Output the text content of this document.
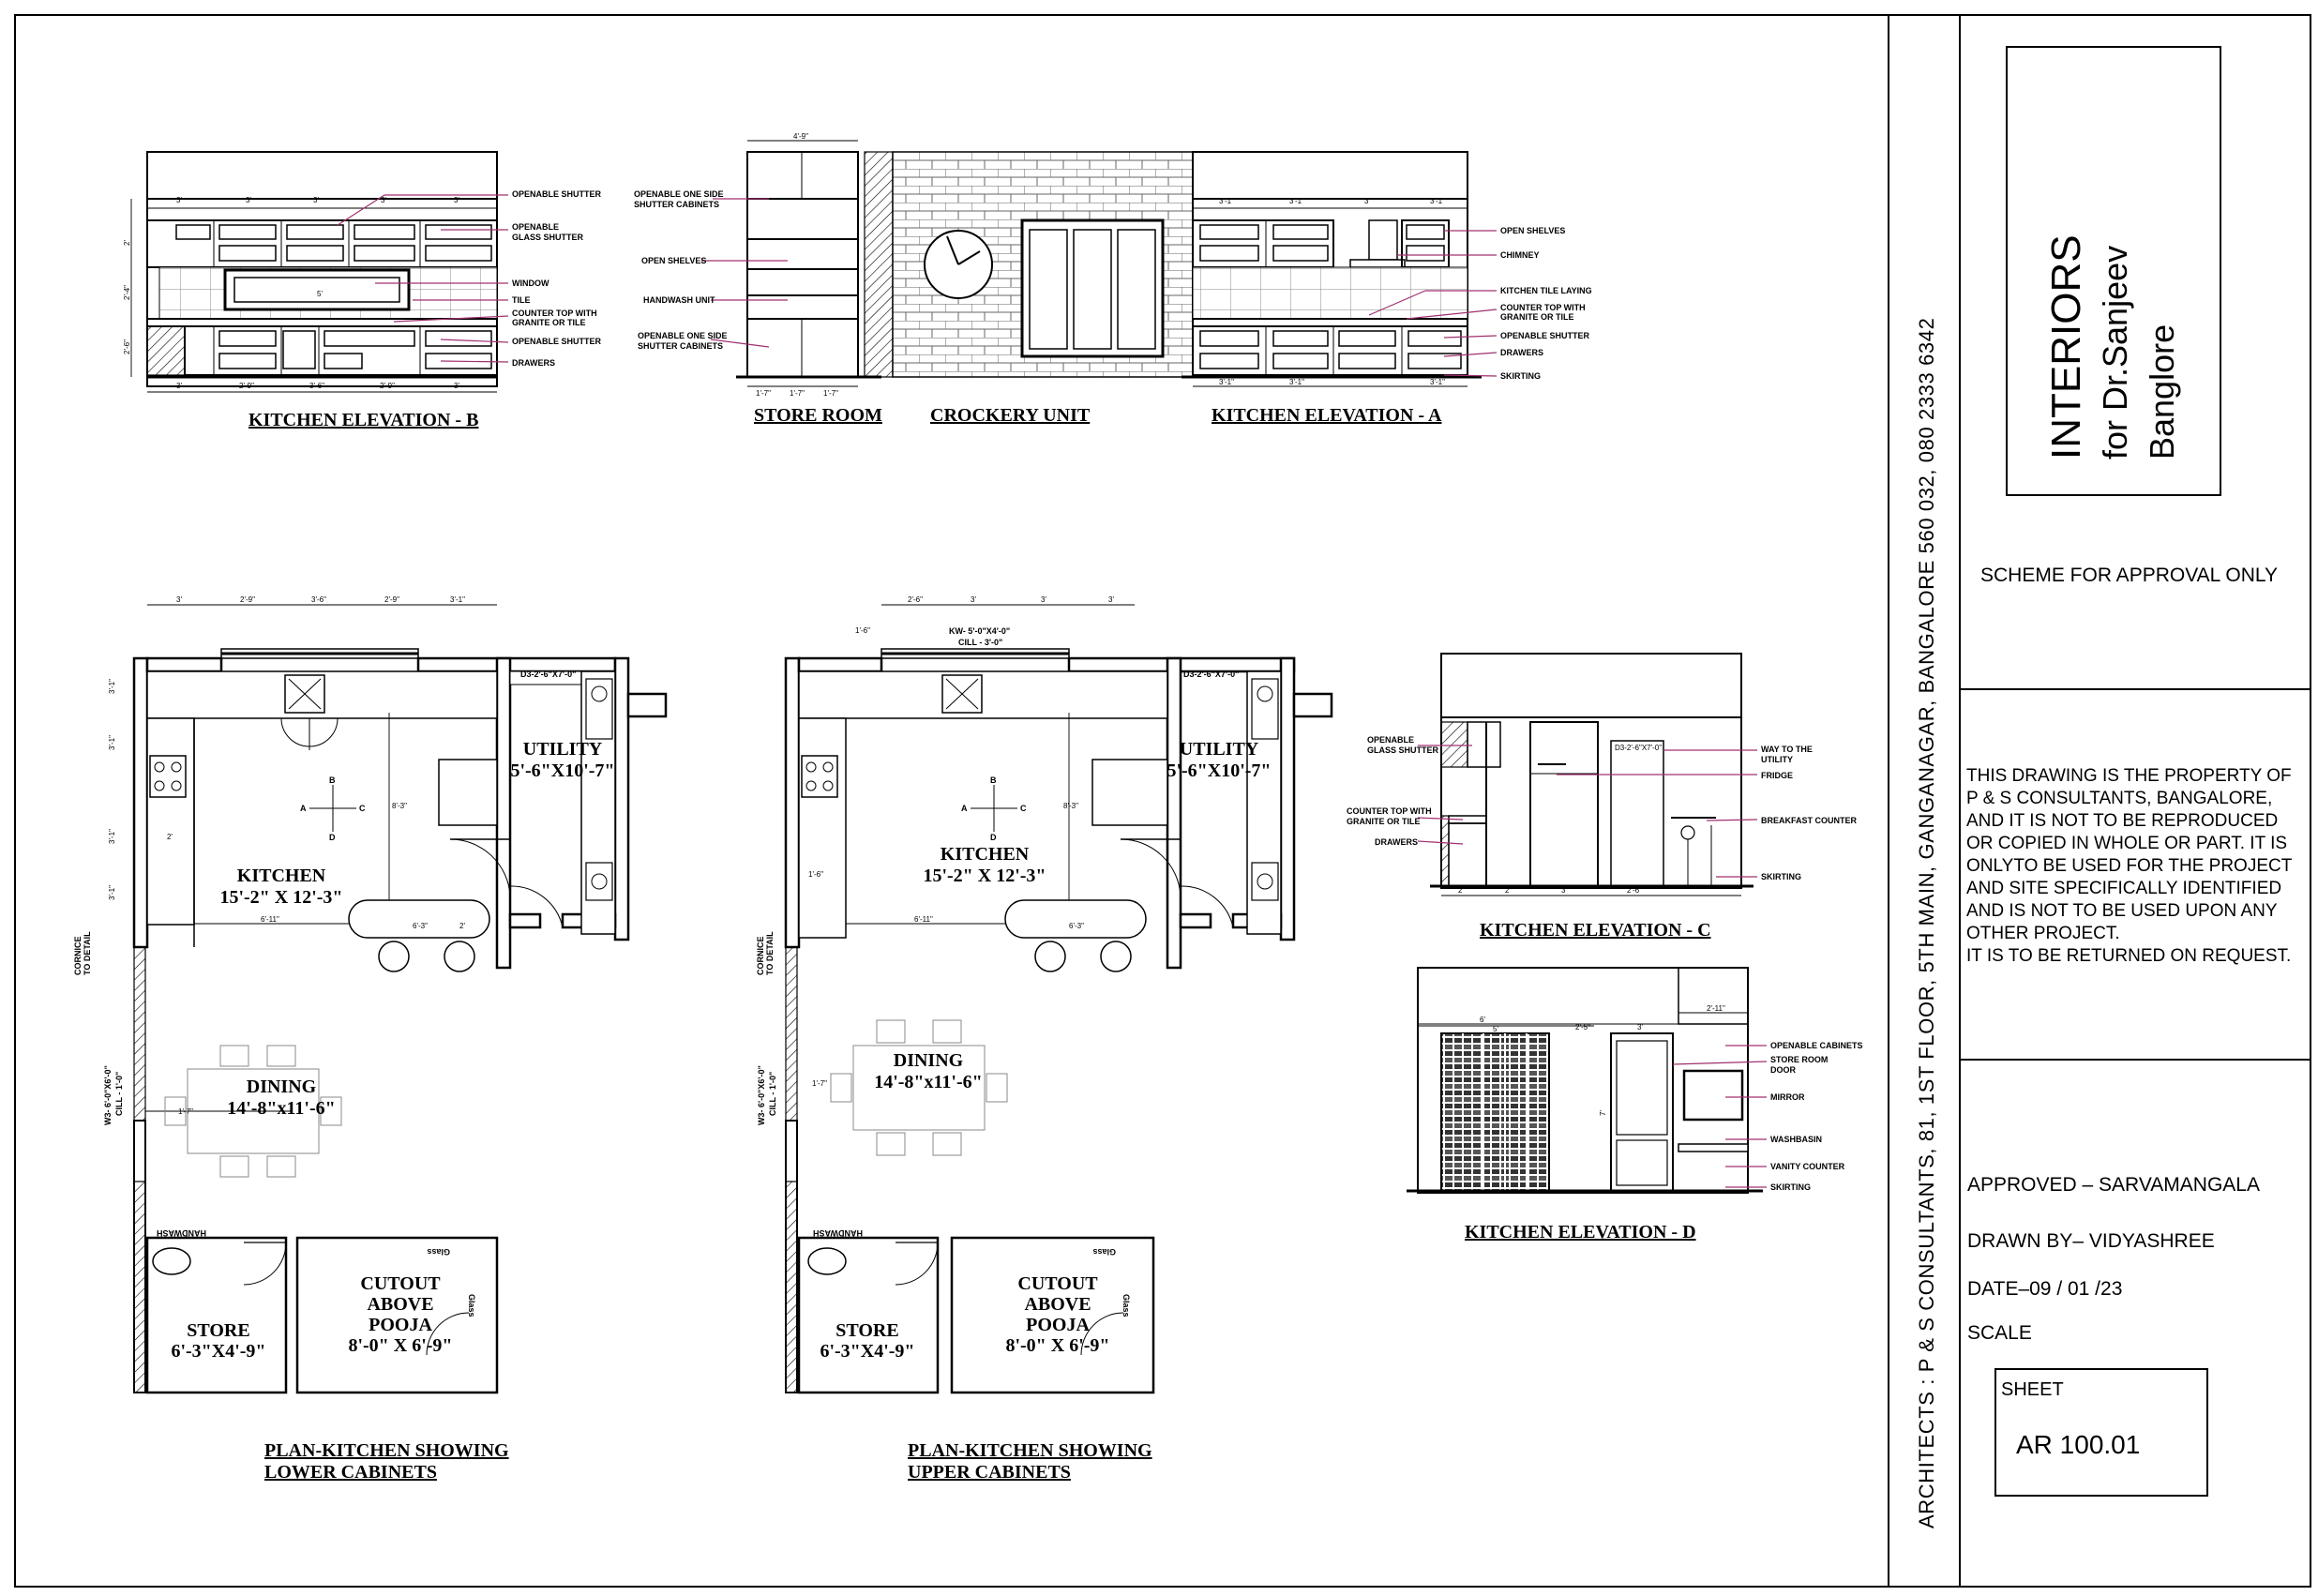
INTERIORS for Dr.Sanjeev Banglore
SCHEME FOR APPROVAL ONLY
THIS DRAWING IS THE PROPERTY OF
P & S CONSULTANTS, BANGALORE,
AND IT IS NOT TO BE REPRODUCED
OR COPIED IN WHOLE OR PART. IT IS
ONLYTO BE USED FOR THE PROJECT
AND SITE SPECIFICALLY IDENTIFIED
AND IS NOT TO BE USED UPON ANY
OTHER PROJECT.
IT IS TO BE RETURNED ON REQUEST.
APPROVED – SARVAMANGALA
DRAWN BY– VIDYASHREE
DATE–09 / 01 /23
SCALE
SHEET
AR 100.01
ARCHITECTS : P & S CONSULTANTS, 81, 1ST FLOOR, 5TH MAIN, GANGANAGAR, BANGALORE 560 032, 080 2333 6342
3'	3'	3'	3'	3'
3'	2'-9"	3'-6"	2'-9"	3'
5'
2'
2'-4"
2'-6"
OPENABLE SHUTTER
OPENABLE
GLASS SHUTTER
WINDOW
TILE
COUNTER TOP WITH
GRANITE OR TILE
OPENABLE SHUTTER
DRAWERS
KITCHEN ELEVATION - B
4'-9"
1'-7"	1'-7"	1'-7"
OPENABLE ONE SIDE
SHUTTER CABINETS
OPEN SHELVES
HANDWASH UNIT
OPENABLE ONE SIDE
SHUTTER CABINETS
STORE ROOM	CROCKERY UNIT
3'-1"	3'-1"	3'	3'-1"
3'-1"	3'-1"	3'-1"
OPEN SHELVES
CHIMNEY
KITCHEN TILE LAYING
COUNTER TOP WITH
GRANITE OR TILE
OPENABLE SHUTTER
DRAWERS
SKIRTING
KITCHEN ELEVATION - A
3'	2'-9"	3'-6"	2'-9"	3'-1"
A
B
C
D
2'
8'-3"
6'-11"
6'-3"	2'
1'-7"
CORNICE TO DETAIL
W3- 6'-0"X6'-0" CILL - 1'-0"
D3-2'-6"X7'-0"
3'-1"
3'-1"
3'-1"
3'-1"
KITCHEN
15'-2" X 12'-3"
UTILITY
5'-6"X10'-7"
DINING
14'-8"x11'-6"
HANDWASH
STORE
6'-3"X4'-9"
CUTOUT
ABOVE
POOJA
8'-0" X 6'-9"
Glass
Glass
PLAN-KITCHEN SHOWING
LOWER CABINETS
2'-6"	3'	3'	3'
KW- 5'-0"X4'-0"
CILL - 3'-0"
A
B
C
D
1'-6"
1'-6"
8'-3"
6'-11"
6'-3"
1'-7"
CORNICE TO DETAIL
W3- 6'-0"X6'-0" CILL - 1'-0"
D3-2'-6"X7'-0"
KITCHEN
15'-2" X 12'-3"
UTILITY
5'-6"X10'-7"
DINING
14'-8"x11'-6"
HANDWASH
STORE
6'-3"X4'-9"
CUTOUT
ABOVE
POOJA
8'-0" X 6'-9"
Glass
Glass
PLAN-KITCHEN SHOWING
UPPER CABINETS
2'	2'	3'	2'-6"
D3-2'-6"X7'-0"
OPENABLE
GLASS SHUTTER
COUNTER TOP WITH
GRANITE OR TILE
DRAWERS
WAY TO THE
UTILITY
FRIDGE
BREAKFAST COUNTER
SKIRTING
KITCHEN ELEVATION - C
6'
5'	2'-5"	3'
2'-11"
7'
OPENABLE CABINETS
STORE ROOM
DOOR
MIRROR
WASHBASIN
VANITY COUNTER
SKIRTING
KITCHEN ELEVATION - D
